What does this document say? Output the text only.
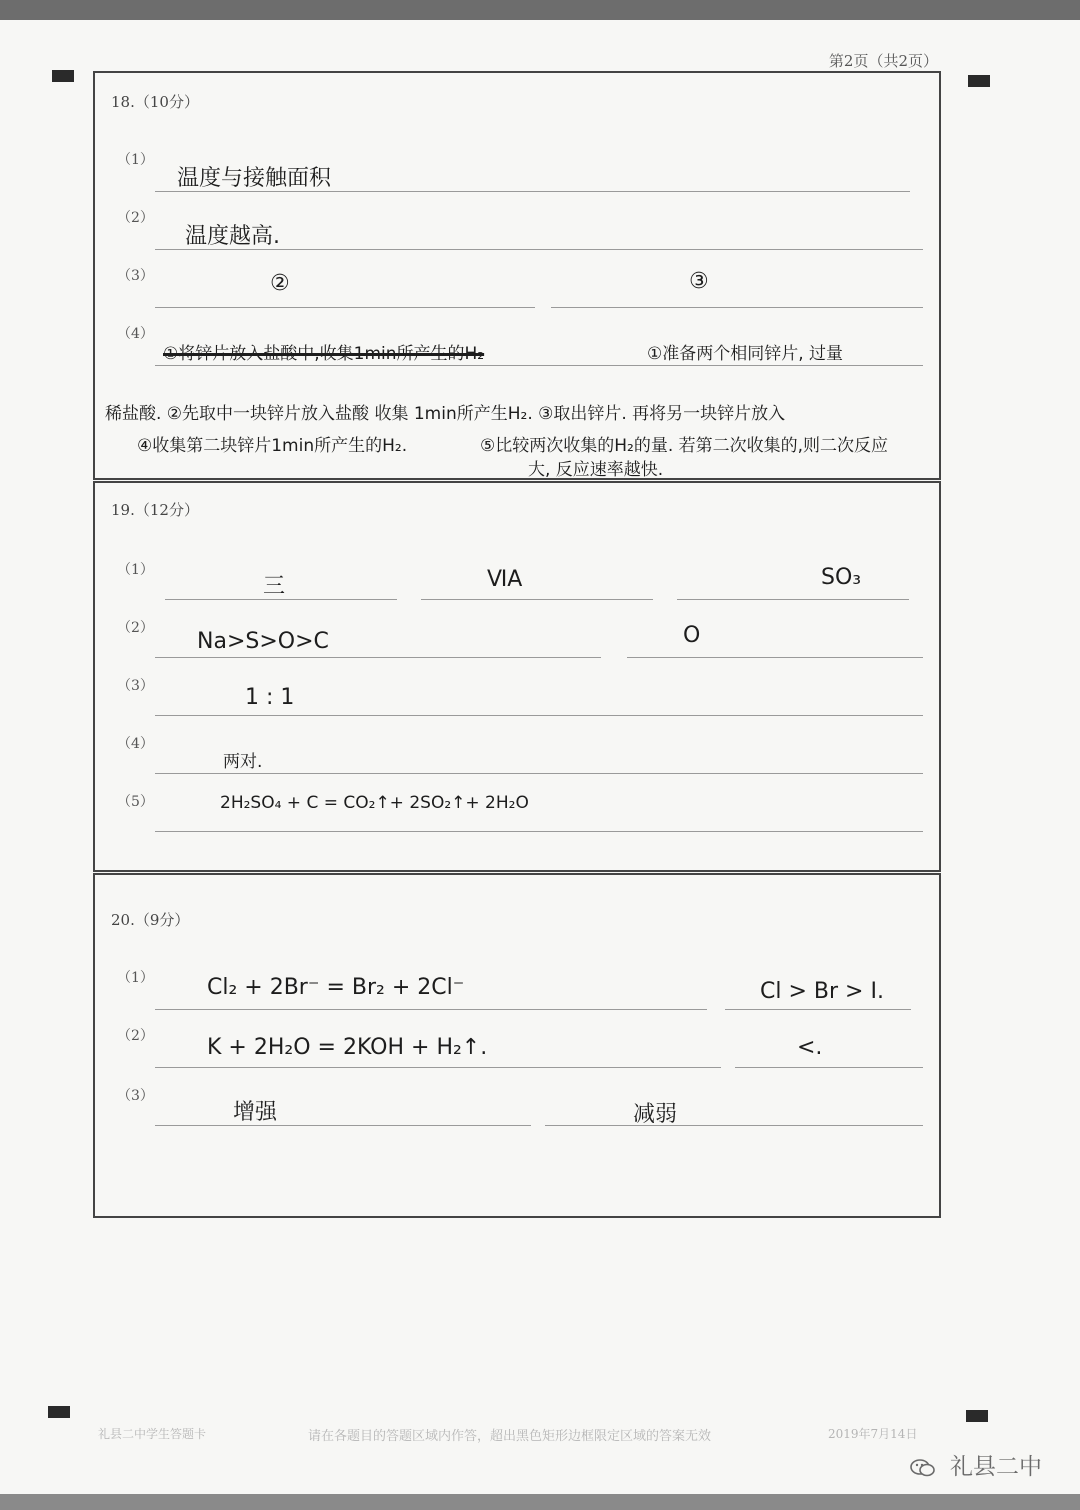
第2页（共2页）
18.（10分）
（1）
温度与接触面积
（2）
温度越高.
（3）	②	③
（4）
①将锌片放入盐酸中,收集1min所产生的H₂	①准备两个相同锌片, 过量
稀盐酸. ②先取中一块锌片放入盐酸 收集 1min所产生H₂. ③取出锌片. 再将另一块锌片放入
④收集第二块锌片1min所产生的H₂.	⑤比较两次收集的H₂的量. 若第二次收集的,则二次反应
大, 反应速率越快.
19.（12分）
（1）
三	ⅥA	SO₃
（2）
Na>S>O>C	O
（3）	1 : 1
（4）
两对.
（5）	2H₂SO₄ + C = CO₂↑+ 2SO₂↑+ 2H₂O
20.（9分）
（1） Cl₂ + 2Br⁻ = Br₂ + 2Cl⁻	Cl > Br > I.
（2） K + 2H₂O = 2KOH + H₂↑.	<.
（3）
增强	减弱
礼县二中学生答题卡	请在各题目的答题区域内作答，超出黑色矩形边框限定区域的答案无效	2019年7月14日
礼县二中
